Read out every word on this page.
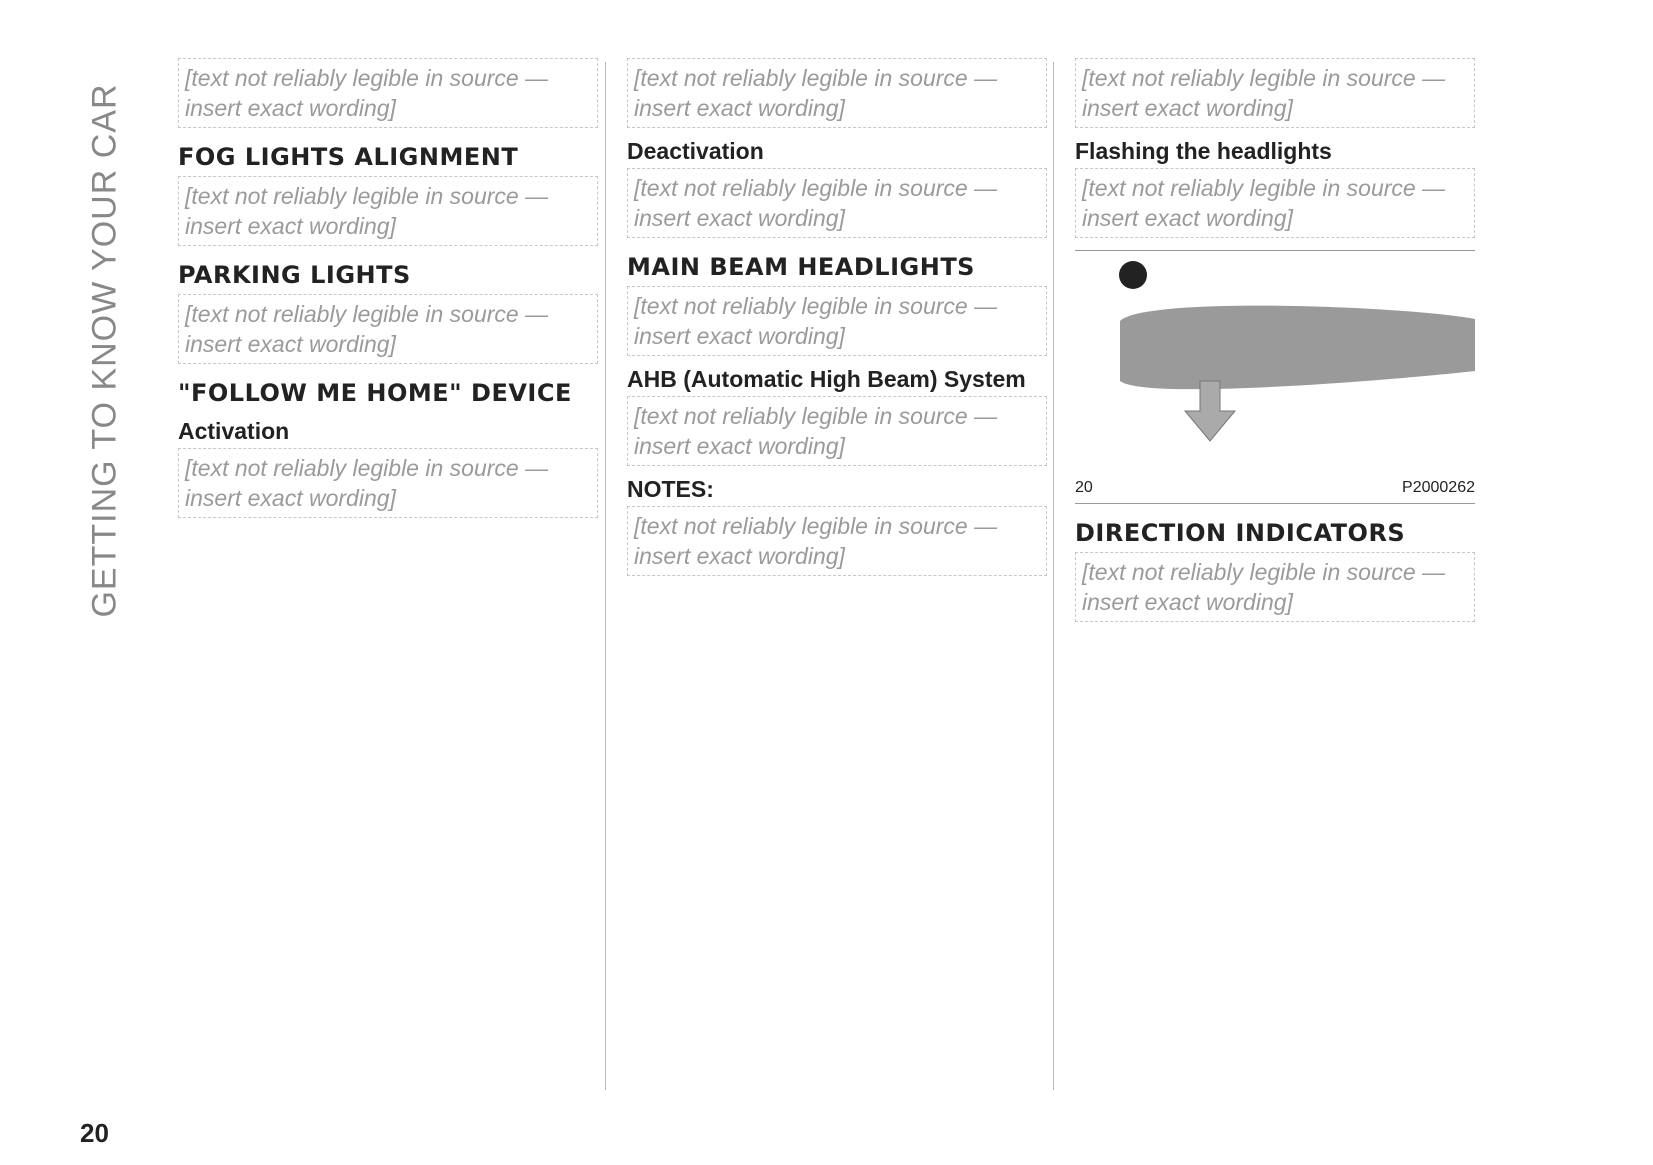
GETTING TO KNOW YOUR CAR
[text not reliably legible in source — insert exact wording]
FOG LIGHTS ALIGNMENT
[text not reliably legible in source — insert exact wording]
PARKING LIGHTS
[text not reliably legible in source — insert exact wording]
"FOLLOW ME HOME" DEVICE
Activation
[text not reliably legible in source — insert exact wording]
[text not reliably legible in source — insert exact wording]
Deactivation
[text not reliably legible in source — insert exact wording]
MAIN BEAM HEADLIGHTS
[text not reliably legible in source — insert exact wording]
AHB (Automatic High Beam) System
[text not reliably legible in source — insert exact wording]
NOTES:
[text not reliably legible in source — insert exact wording]
[text not reliably legible in source — insert exact wording]
Flashing the headlights
[text not reliably legible in source — insert exact wording]
20	P2000262
DIRECTION INDICATORS
[text not reliably legible in source — insert exact wording]
20
